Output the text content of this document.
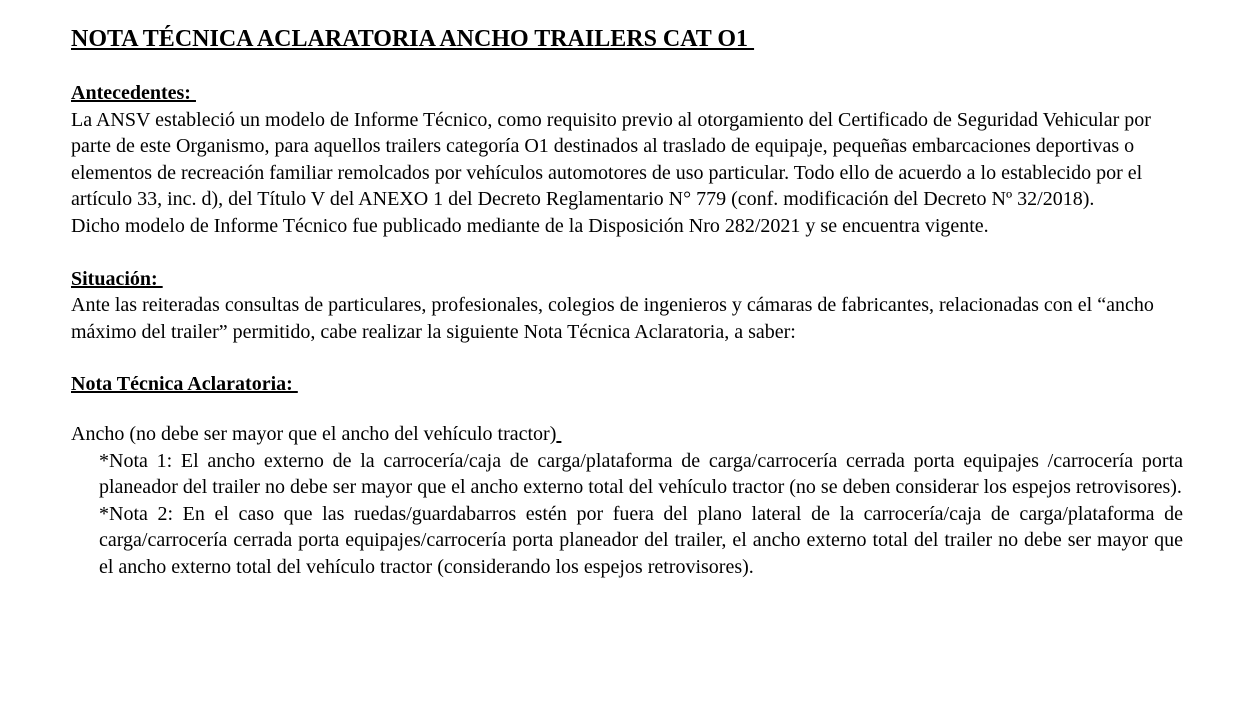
NOTA TÉCNICA ACLARATORIA ANCHO TRAILERS CAT O1
Antecedentes:

La ANSV estableció un modelo de Informe Técnico, como requisito previo al otorgamiento del Certificado de Seguridad Vehicular por parte de este Organismo, para aquellos trailers categoría O1 destinados al traslado de equipaje, pequeñas embarcaciones deportivas o elementos de recreación familiar remolcados por vehículos automotores de uso particular. Todo ello de acuerdo a lo establecido por el artículo 33, inc. d), del Título V del ANEXO 1 del Decreto Reglamentario N° 779 (conf. modificación del Decreto Nº 32/2018).

Dicho modelo de Informe Técnico fue publicado mediante de la Disposición Nro 282/2021 y se encuentra vigente.

Situación:

Ante las reiteradas consultas de particulares, profesionales, colegios de ingenieros y cámaras de fabricantes, relacionadas con el “ancho máximo del trailer” permitido, cabe realizar la siguiente Nota Técnica Aclaratoria, a saber:

Nota Técnica Aclaratoria:

Ancho (no debe ser mayor que el ancho del vehículo tractor)

*Nota 1: El ancho externo de la carrocería/caja de carga/plataforma de carga/carrocería cerrada porta equipajes /carrocería porta planeador del trailer no debe ser mayor que el ancho externo total del vehículo tractor (no se deben considerar los espejos retrovisores).

*Nota 2: En el caso que las ruedas/guardabarros estén por fuera del plano lateral de la carrocería/caja de carga/plataforma de carga/carrocería cerrada porta equipajes/carrocería porta planeador del trailer, el ancho externo total del trailer no debe ser mayor que el ancho externo total del vehículo tractor (considerando los espejos retrovisores).
